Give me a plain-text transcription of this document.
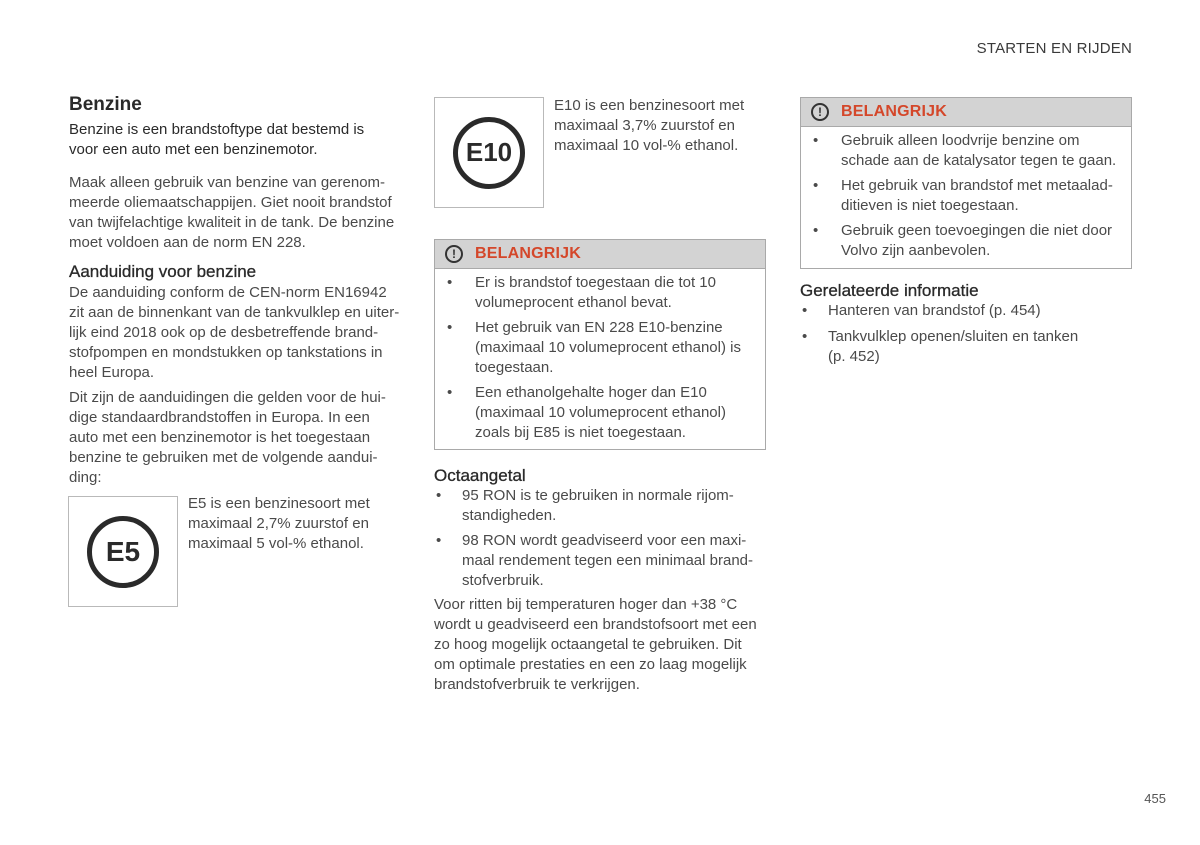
STARTEN EN RIJDEN
Benzine
Benzine is een brandstoftype dat bestemd is
voor een auto met een benzinemotor.
Maak alleen gebruik van benzine van gerenom-
meerde oliemaatschappijen. Giet nooit brandstof
van twijfelachtige kwaliteit in de tank. De benzine
moet voldoen aan de norm EN 228.
Aanduiding voor benzine
De aanduiding conform de CEN-norm EN16942
zit aan de binnenkant van de tankvulklep en uiter-
lijk eind 2018 ook op de desbetreffende brand-
stofpompen en mondstukken op tankstations in
heel Europa.
Dit zijn de aanduidingen die gelden voor de hui-
dige standaardbrandstoffen in Europa. In een
auto met een benzinemotor is het toegestaan
benzine te gebruiken met de volgende aandui-
ding:
E5
E5 is een benzinesoort met
maximaal 2,7% zuurstof en
maximaal 5 vol-% ethanol.
E10
E10 is een benzinesoort met
maximaal 3,7% zuurstof en
maximaal 10 vol-% ethanol.
!	BELANGRIJK
• Er is brandstof toegestaan die tot 10
volumeprocent ethanol bevat.
• Het gebruik van EN 228 E10-benzine
(maximaal 10 volumeprocent ethanol) is
toegestaan.
• Een ethanolgehalte hoger dan E10
(maximaal 10 volumeprocent ethanol)
zoals bij E85 is niet toegestaan.
Octaangetal
• 95 RON is te gebruiken in normale rijom-
standigheden.
• 98 RON wordt geadviseerd voor een maxi-
maal rendement tegen een minimaal brand-
stofverbruik.
Voor ritten bij temperaturen hoger dan +38 °C
wordt u geadviseerd een brandstofsoort met een
zo hoog mogelijk octaangetal te gebruiken. Dit
om optimale prestaties en een zo laag mogelijk
brandstofverbruik te verkrijgen.
!	BELANGRIJK
• Gebruik alleen loodvrije benzine om
schade aan de katalysator tegen te gaan.
• Het gebruik van brandstof met metaalad-
ditieven is niet toegestaan.
• Gebruik geen toevoegingen die niet door
Volvo zijn aanbevolen.
Gerelateerde informatie
• Hanteren van brandstof (p. 454)
• Tankvulklep openen/sluiten en tanken
(p. 452)
455
